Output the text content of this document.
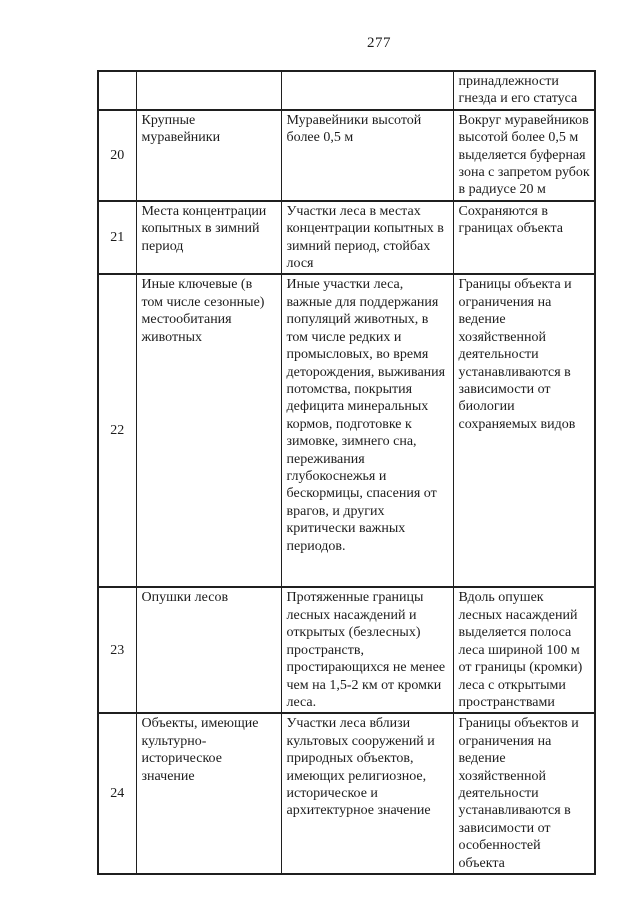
277
			принадлежности гнезда и его статуса
20	Крупные муравейники	Муравейники высотой более 0,5 м	Вокруг муравейников высотой более 0,5 м выделяется буферная зона с запретом рубок в радиусе 20 м
21	Места концентрации копытных в зимний период	Участки леса в местах концентрации копытных в зимний период, стойбах лося	Сохраняются в границах объекта
22	Иные ключевые (в том числе сезонные) местообитания животных	Иные участки леса, важные для поддержания популяций животных, в том числе редких и промысловых, во время деторождения, выживания потомства, покрытия дефицита минеральных кормов, подготовке к зимовке, зимнего сна, переживания глубокоснежья и бескормицы, спасения от врагов, и других критически важных периодов.	Границы объекта и ограничения на ведение хозяйственной деятельности устанавливаются в зависимости от биологии сохраняемых видов
23	Опушки лесов	Протяженные границы лесных насаждений и открытых (безлесных) пространств, простирающихся не менее чем на 1,5-2 км от кромки леса.	Вдоль опушек лесных насаждений выделяется полоса леса шириной 100 м от границы (кромки) леса с открытыми пространствами
24	Объекты, имеющие культурно-историческое значение	Участки леса вблизи культовых сооружений и природных объектов, имеющих религиозное, историческое и архитектурное значение	Границы объектов и ограничения на ведение хозяйственной деятельности устанавливаются в зависимости от особенностей объекта
